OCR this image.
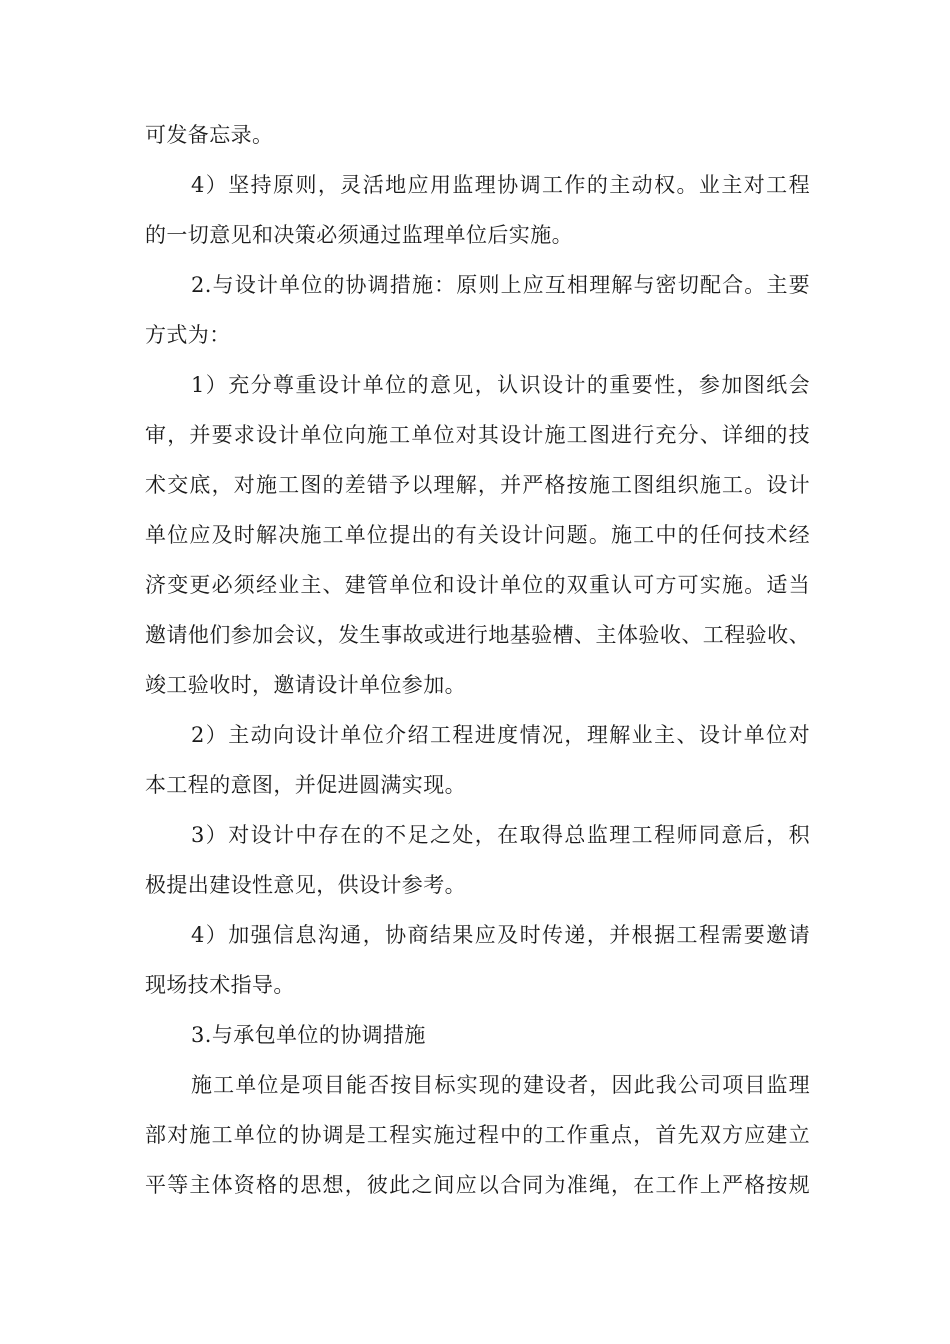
可发备忘录。
4）坚持原则，灵活地应用监理协调工作的主动权。业主对工程
的一切意见和决策必须通过监理单位后实施。
2.与设计单位的协调措施：原则上应互相理解与密切配合。主要
方式为：
1）充分尊重设计单位的意见，认识设计的重要性，参加图纸会
审，并要求设计单位向施工单位对其设计施工图进行充分、详细的技
术交底，对施工图的差错予以理解，并严格按施工图组织施工。设计
单位应及时解决施工单位提出的有关设计问题。施工中的任何技术经
济变更必须经业主、建管单位和设计单位的双重认可方可实施。适当
邀请他们参加会议，发生事故或进行地基验槽、主体验收、工程验收、
竣工验收时，邀请设计单位参加。
2）主动向设计单位介绍工程进度情况，理解业主、设计单位对
本工程的意图，并促进圆满实现。
3）对设计中存在的不足之处，在取得总监理工程师同意后，积
极提出建设性意见，供设计参考。
4）加强信息沟通，协商结果应及时传递，并根据工程需要邀请
现场技术指导。
3.与承包单位的协调措施
施工单位是项目能否按目标实现的建设者，因此我公司项目监理
部对施工单位的协调是工程实施过程中的工作重点，首先双方应建立
平等主体资格的思想，彼此之间应以合同为准绳，在工作上严格按规
